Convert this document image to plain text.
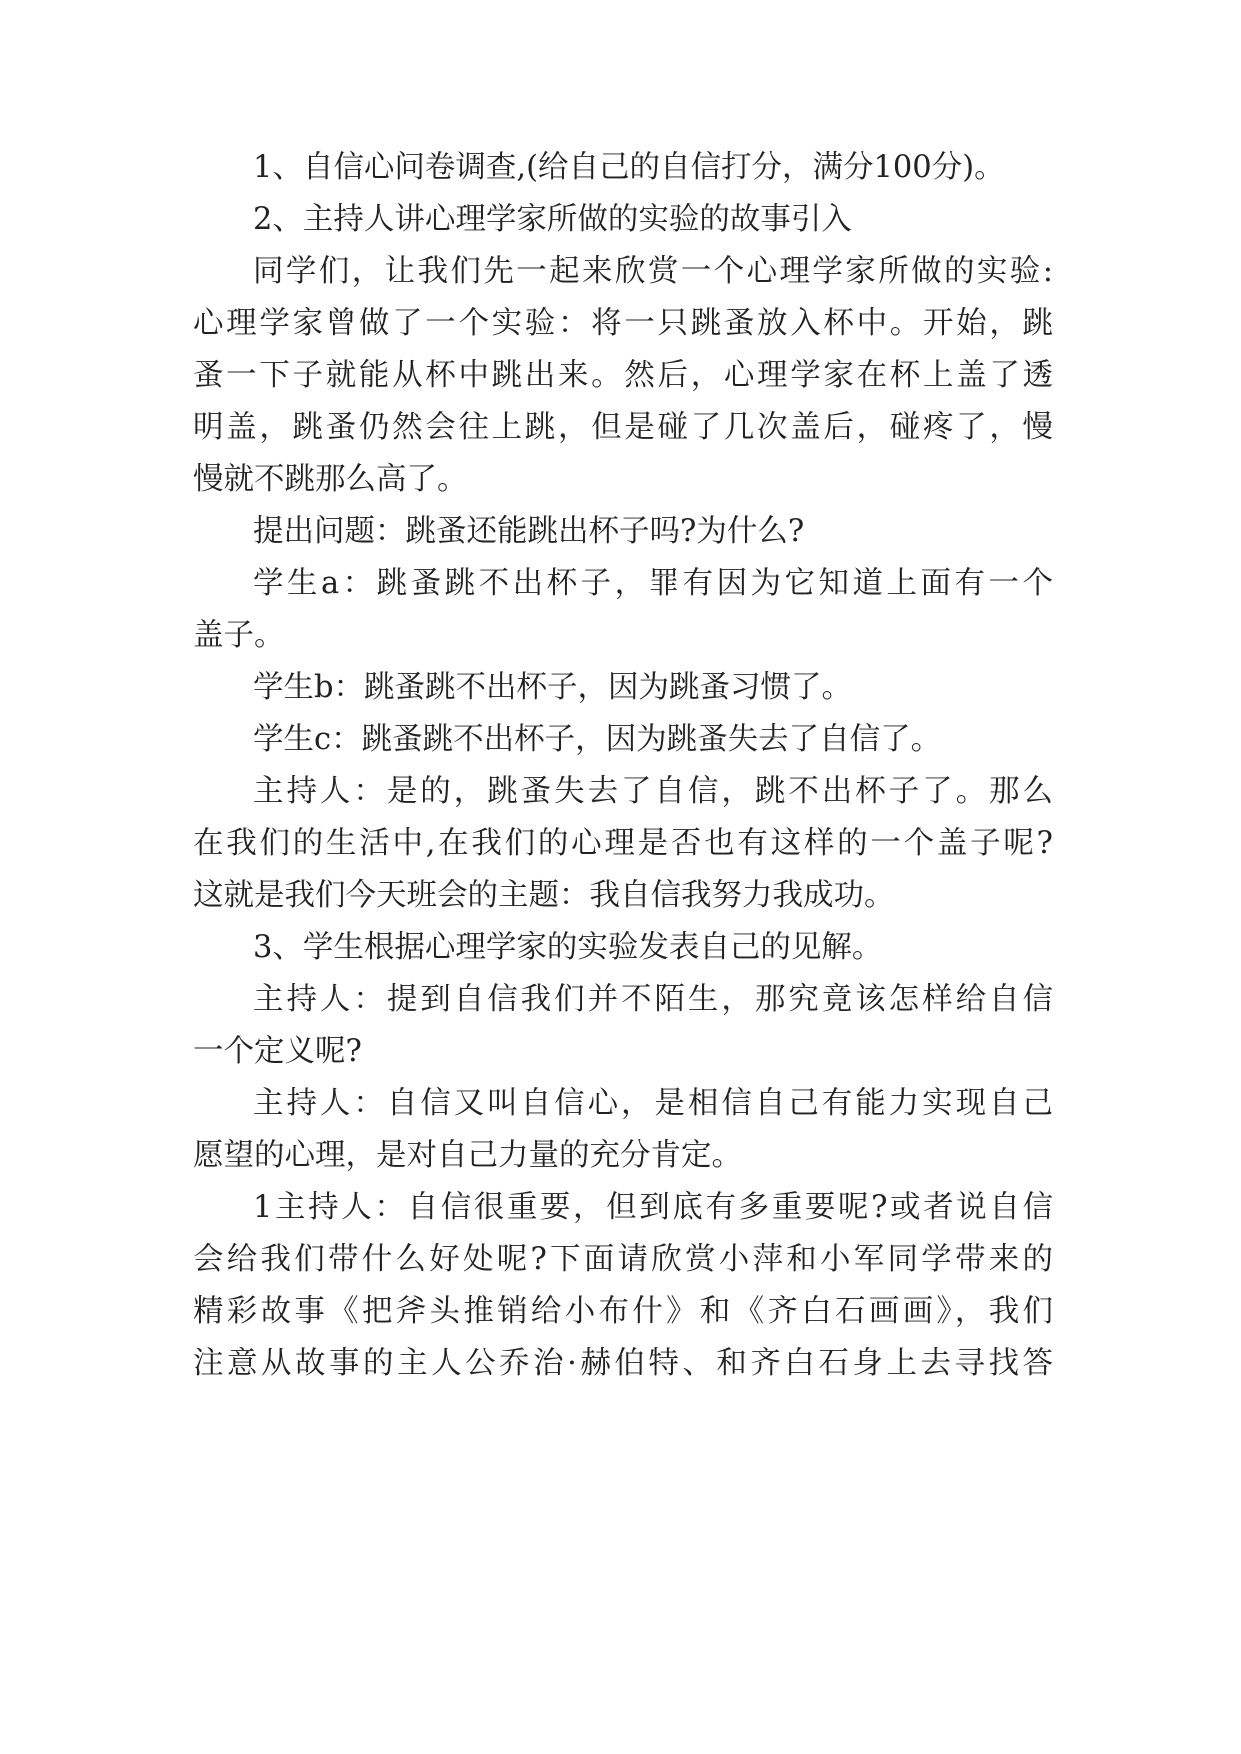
1、自信心问卷调查,(给自己的自信打分，满分100分)。
2、主持人讲心理学家所做的实验的故事引入
同学们，让我们先一起来欣赏一个心理学家所做的实验:
心理学家曾做了一个实验：将一只跳蚤放入杯中。开始，跳
蚤一下子就能从杯中跳出来。然后，心理学家在杯上盖了透
明盖，跳蚤仍然会往上跳，但是碰了几次盖后，碰疼了，慢
慢就不跳那么高了。
提出问题：跳蚤还能跳出杯子吗?为什么?
学生a：跳蚤跳不出杯子，罪有因为它知道上面有一个
盖子。
学生b：跳蚤跳不出杯子，因为跳蚤习惯了。
学生c：跳蚤跳不出杯子，因为跳蚤失去了自信了。
主持人：是的，跳蚤失去了自信，跳不出杯子了。那么
在我们的生活中,在我们的心理是否也有这样的一个盖子呢?
这就是我们今天班会的主题：我自信我努力我成功。
3、学生根据心理学家的实验发表自己的见解。
主持人：提到自信我们并不陌生，那究竟该怎样给自信
一个定义呢?
主持人：自信又叫自信心，是相信自己有能力实现自己
愿望的心理，是对自己力量的充分肯定。
1主持人：自信很重要，但到底有多重要呢?或者说自信
会给我们带什么好处呢?下面请欣赏小萍和小军同学带来的
精彩故事《把斧头推销给小布什》和《齐白石画画》，我们
注意从故事的主人公乔治·赫伯特、和齐白石身上去寻找答
